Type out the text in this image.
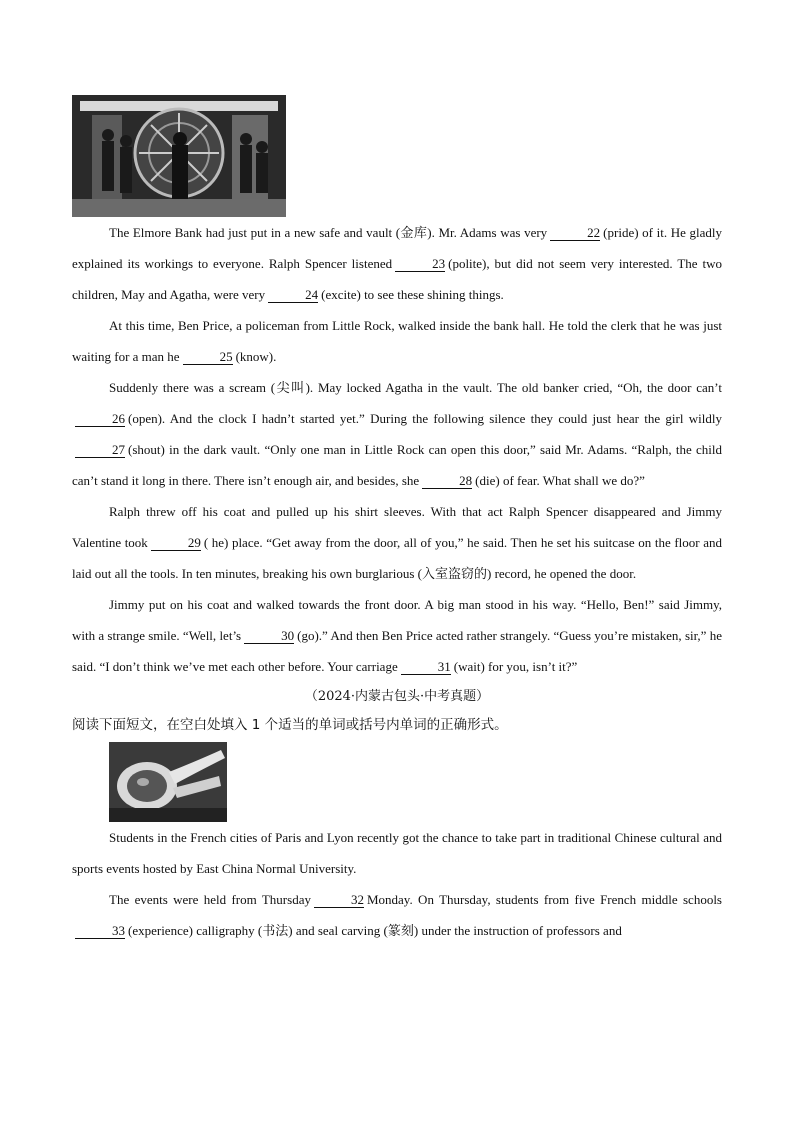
The Elmore Bank had just put in a new safe and vault (金库). Mr. Adams was very	22 (pride) of it. He gladly explained its workings to everyone. Ralph Spencer listened	23 (polite), but did not seem very interested. The two children, May and Agatha, were very	24 (excite) to see these shining things.

At this time, Ben Price, a policeman from Little Rock, walked inside the bank hall. He told the clerk that he was just waiting for a man he	25 (know).

Suddenly there was a scream (尖叫). May locked Agatha in the vault. The old banker cried, “Oh, the door can’t26 (open). And the clock I hadn’t started yet.” During the following silence they could just hear the girl wildly27 (shout) in the dark vault. “Only one man in Little Rock can open this door,” said Mr. Adams. “Ralph, the child can’t stand it long in there. There isn’t enough air, and besides, she	28 (die) of fear. What shall we do?”

Ralph threw off his coat and pulled up his shirt sleeves. With that act Ralph Spencer disappeared and Jimmy Valentine took	29 ( he) place. “Get away from the door, all of you,” he said. Then he set his suitcase on the floor and laid out all the tools. In ten minutes, breaking his own burglarious (入室盗窃的) record, he opened the door.

Jimmy put on his coat and walked towards the front door. A big man stood in his way. “Hello, Ben!” said Jimmy, with a strange smile. “Well, let’s	30 (go).” And then Ben Price acted rather strangely. “Guess you’re mistaken, sir,” he said. “I don’t think we’ve met each other before. Your carriage	31 (wait) for you, isn’t it?”

（2024·内蒙古包头·中考真题）

阅读下面短文，在空白处填入 1 个适当的单词或括号内单词的正确形式。

Students in the French cities of Paris and Lyon recently got the chance to take part in traditional Chinese cultural and sports events hosted by East China Normal University.

The events were held from Thursday	32 Monday. On Thursday, students from five French middle schools33 (experience) calligraphy (书法) and seal carving (篆刻) under the instruction of professors and
